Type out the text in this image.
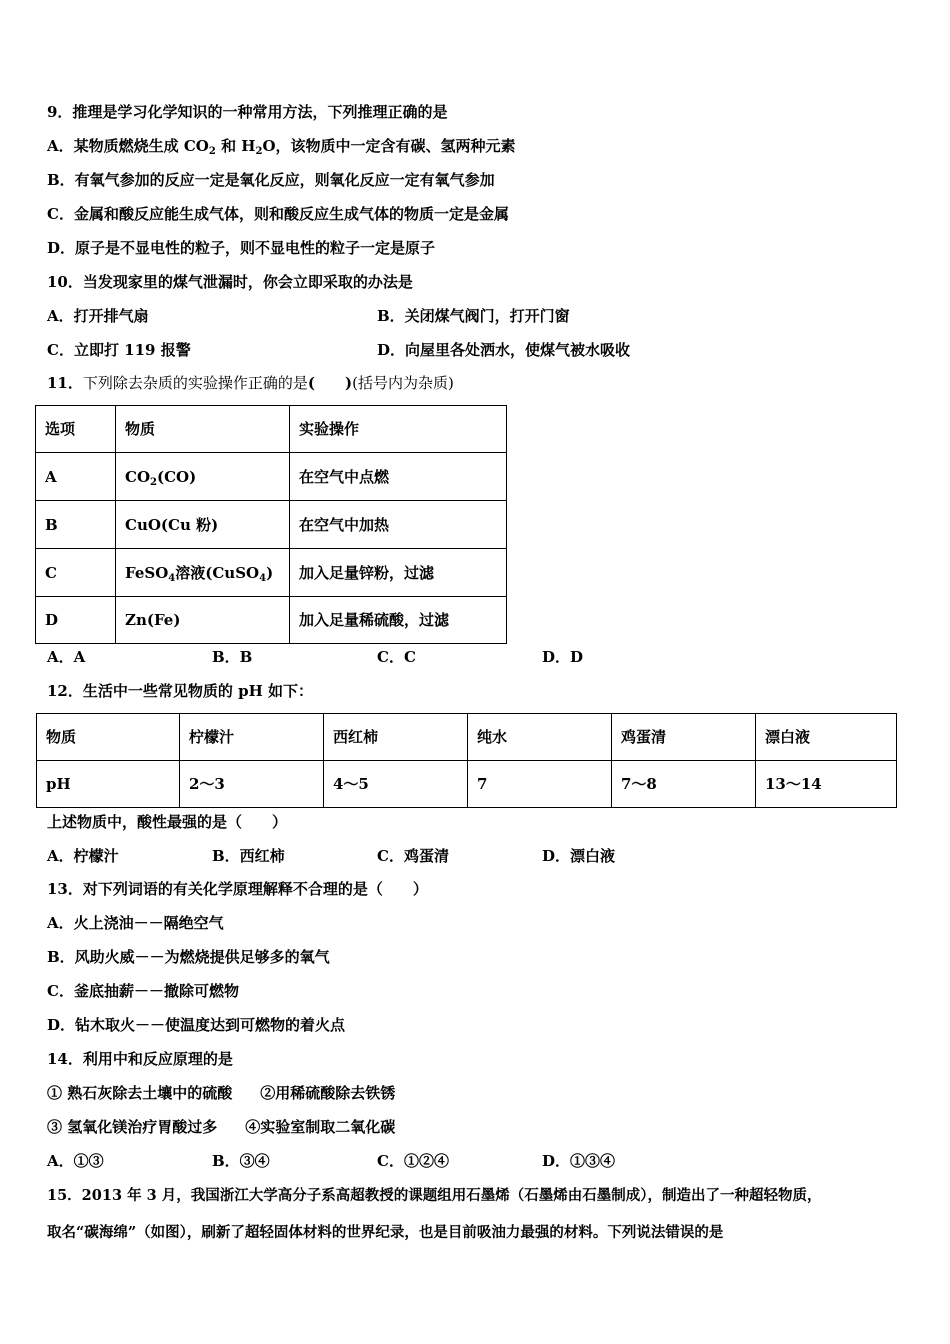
9．推理是学习化学知识的一种常用方法，下列推理正确的是
A．某物质燃烧生成 $CO_2$ 和 $H_2O$，该物质中一定含有碳、氢两种元素
B．有氧气参加的反应一定是氧化反应，则氧化反应一定有氧气参加
C．金属和酸反应能生成气体，则和酸反应生成气体的物质一定是金属
D．原子是不显电性的粒子，则不显电性的粒子一定是原子
10．当发现家里的煤气泄漏时，你会立即采取的办法是
A．打开排气扇	B．关闭煤气阀门，打开门窗
C．立即打 119 报警	D．向屋里各处洒水，使煤气被水吸收
11．下列除去杂质的实验操作正确的是(　　)(括号内为杂质)
选项	物质	实验操作
A	$CO_2(CO)$	在空气中点燃
B	CuO(Cu 粉)	在空气中加热
C	FeSO$_4$溶液(CuSO$_4$)	加入足量锌粉，过滤
D	Zn(Fe)	加入足量稀硫酸，过滤
A．A	B．B	C．C	D．D
12．生活中一些常见物质的 pH 如下：
物质	柠檬汁	西红柿	纯水	鸡蛋清	漂白液
pH	2～3	4～5	7	7～8	13～14
上述物质中，酸性最强的是（　　）
A．柠檬汁	B．西红柿	C．鸡蛋清	D．漂白液
13．对下列词语的有关化学原理解释不合理的是（　　）
A．火上浇油－－隔绝空气
B．风助火威－－为燃烧提供足够多的氧气
C．釜底抽薪－－撤除可燃物
D．钻木取火－－使温度达到可燃物的着火点
14．利用中和反应原理的是
① 熟石灰除去土壤中的硫酸 ②用稀硫酸除去铁锈
③ 氢氧化镁治疗胃酸过多 ④实验室制取二氧化碳
A．①③	B．③④	C．①②④	D．①③④
15．2013 年 3 月，我国浙江大学高分子系高超教授的课题组用石墨烯（石墨烯由石墨制成），制造出了一种超轻物质，
取名“碳海绵”（如图），刷新了超轻固体材料的世界纪录，也是目前吸油力最强的材料。下列说法错误的是
